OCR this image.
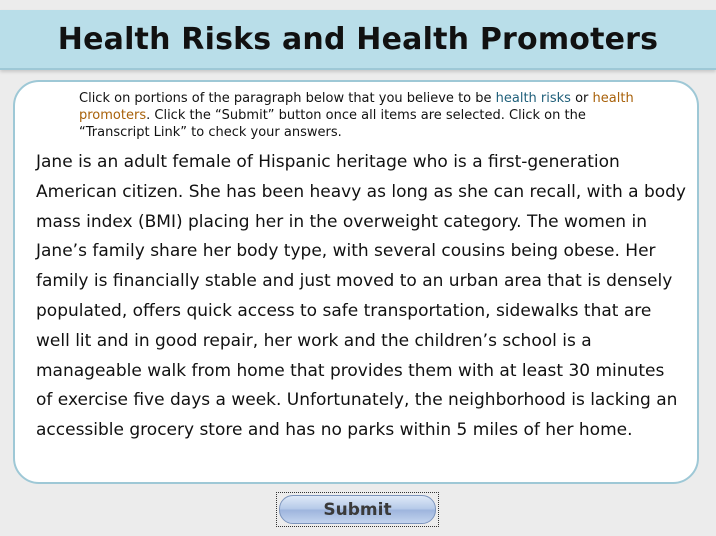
Health Risks and Health Promoters
Click on portions of the paragraph below that you believe to be health risks or health promoters. Click the “Submit” button once all items are selected. Click on the “Transcript Link” to check your answers.
Jane is an adult female of Hispanic heritage who is a first-generation American citizen. She has been heavy as long as she can recall, with a body mass index (BMI) placing her in the overweight category. The women in Jane’s family share her body type, with several cousins being obese. Her family is financially stable and just moved to an urban area that is densely populated, offers quick access to safe transportation, sidewalks that are well lit and in good repair, her work and the children’s school is a manageable walk from home that provides them with at least 30 minutes of exercise five days a week. Unfortunately, the neighborhood is lacking an accessible grocery store and has no parks within 5 miles of her home.
Submit
